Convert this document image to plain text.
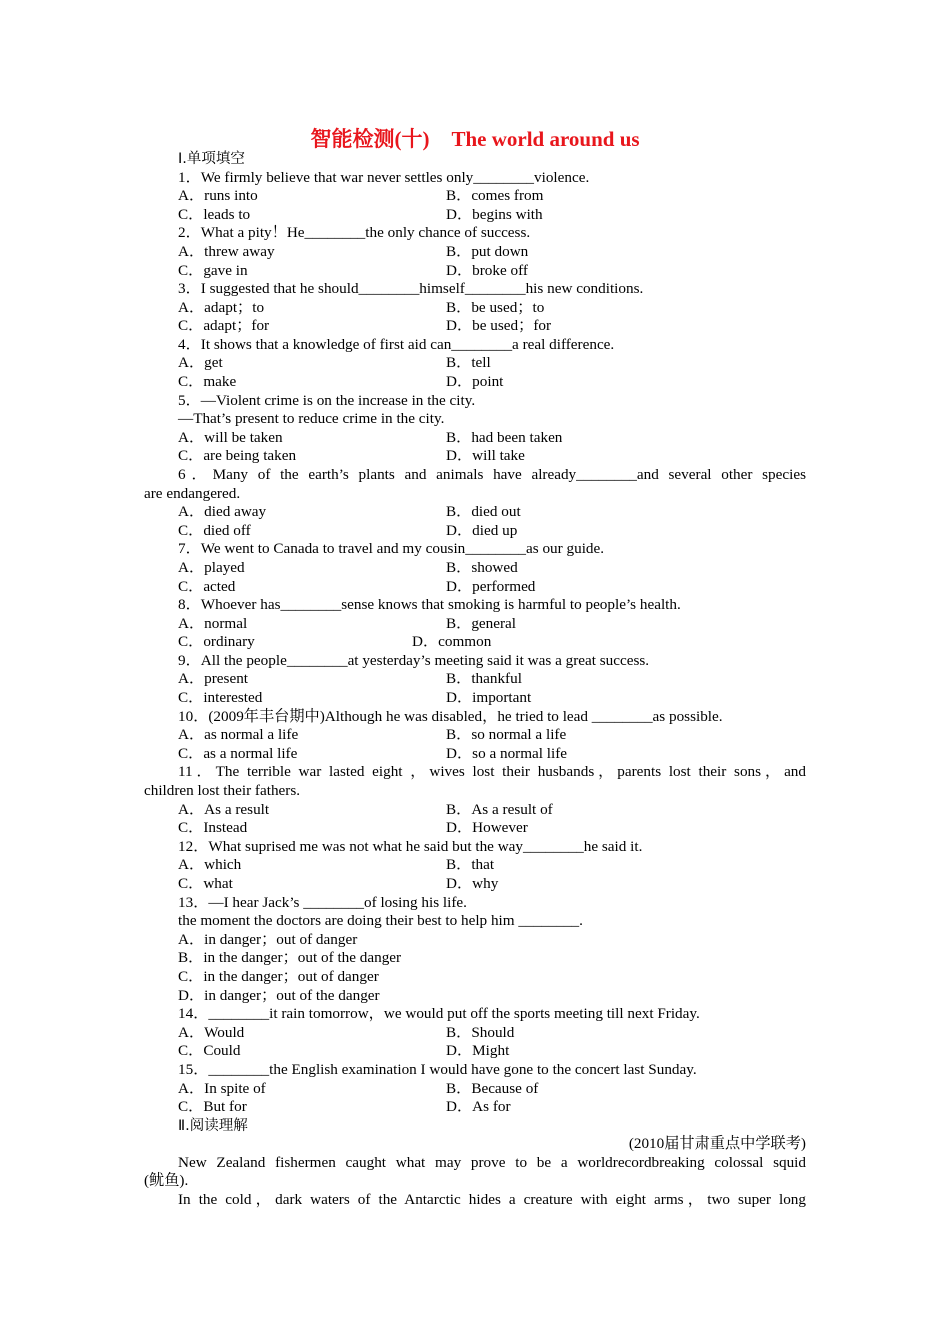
智能检测(十) The world around us
Ⅰ.单项填空
1．We firmly believe that war never settles only________violence.
A．runs into	B．comes from
C．leads to	D．begins with
2．What a pity！He________the only chance of success.
A．threw away	B．put down
C．gave in	D．broke off
3．I suggested that he should________himself________his new conditions.
A．adapt；to	B．be used；to
C．adapt；for	D．be used；for
4．It shows that a knowledge of first aid can________a real difference.
A．get	B．tell
C．make	D．point
5．—Violent crime is on the increase in the city.
—That’s present to reduce crime in the city.
A．will be taken	B．had been taken
C．are being taken	D．will take
6．Many of the earth’s plants and animals have already________and several other species
are endangered.
A．died away	B．died out
C．died off	D．died up
7．We went to Canada to travel and my cousin________as our guide.
A．played	B．showed
C．acted	D．performed
8．Whoever has________sense knows that smoking is harmful to people’s health.
A．normal	B．general
C．ordinary	D．common
9．All the people________at yesterday’s meeting said it was a great success.
A．present	B．thankful
C．interested	D．important
10．(2009年丰台期中)Although he was disabled，he tried to lead ________as possible.
A．as normal a life	B．so normal a life
C．as a normal life	D．so a normal life
11．The terrible war lasted eight ，wives lost their husbands，parents lost their sons，and
children lost their fathers.
A．As a result	B．As a result of
C．Instead	D．However
12．What suprised me was not what he said but the way________he said it.
A．which	B．that
C．what	D．why
13．—I hear Jack’s ________of losing his life.
the moment the doctors are doing their best to help him ________.
A．in danger；out of danger
B．in the danger；out of the danger
C．in the danger；out of danger
D．in danger；out of the danger
14．________it rain tomorrow，we would put off the sports meeting till next Friday.
A．Would	B．Should
C．Could	D．Might
15．________the English examination I would have gone to the concert last Sunday.
A．In spite of	B．Because of
C．But for	D．As for
Ⅱ.阅读理解
(2010届甘肃重点中学联考)
New Zealand fishermen caught what may prove to be a worldrecordbreaking colossal squid
(鱿鱼).
In the cold，dark waters of the Antarctic hides a creature with eight arms，two super long
